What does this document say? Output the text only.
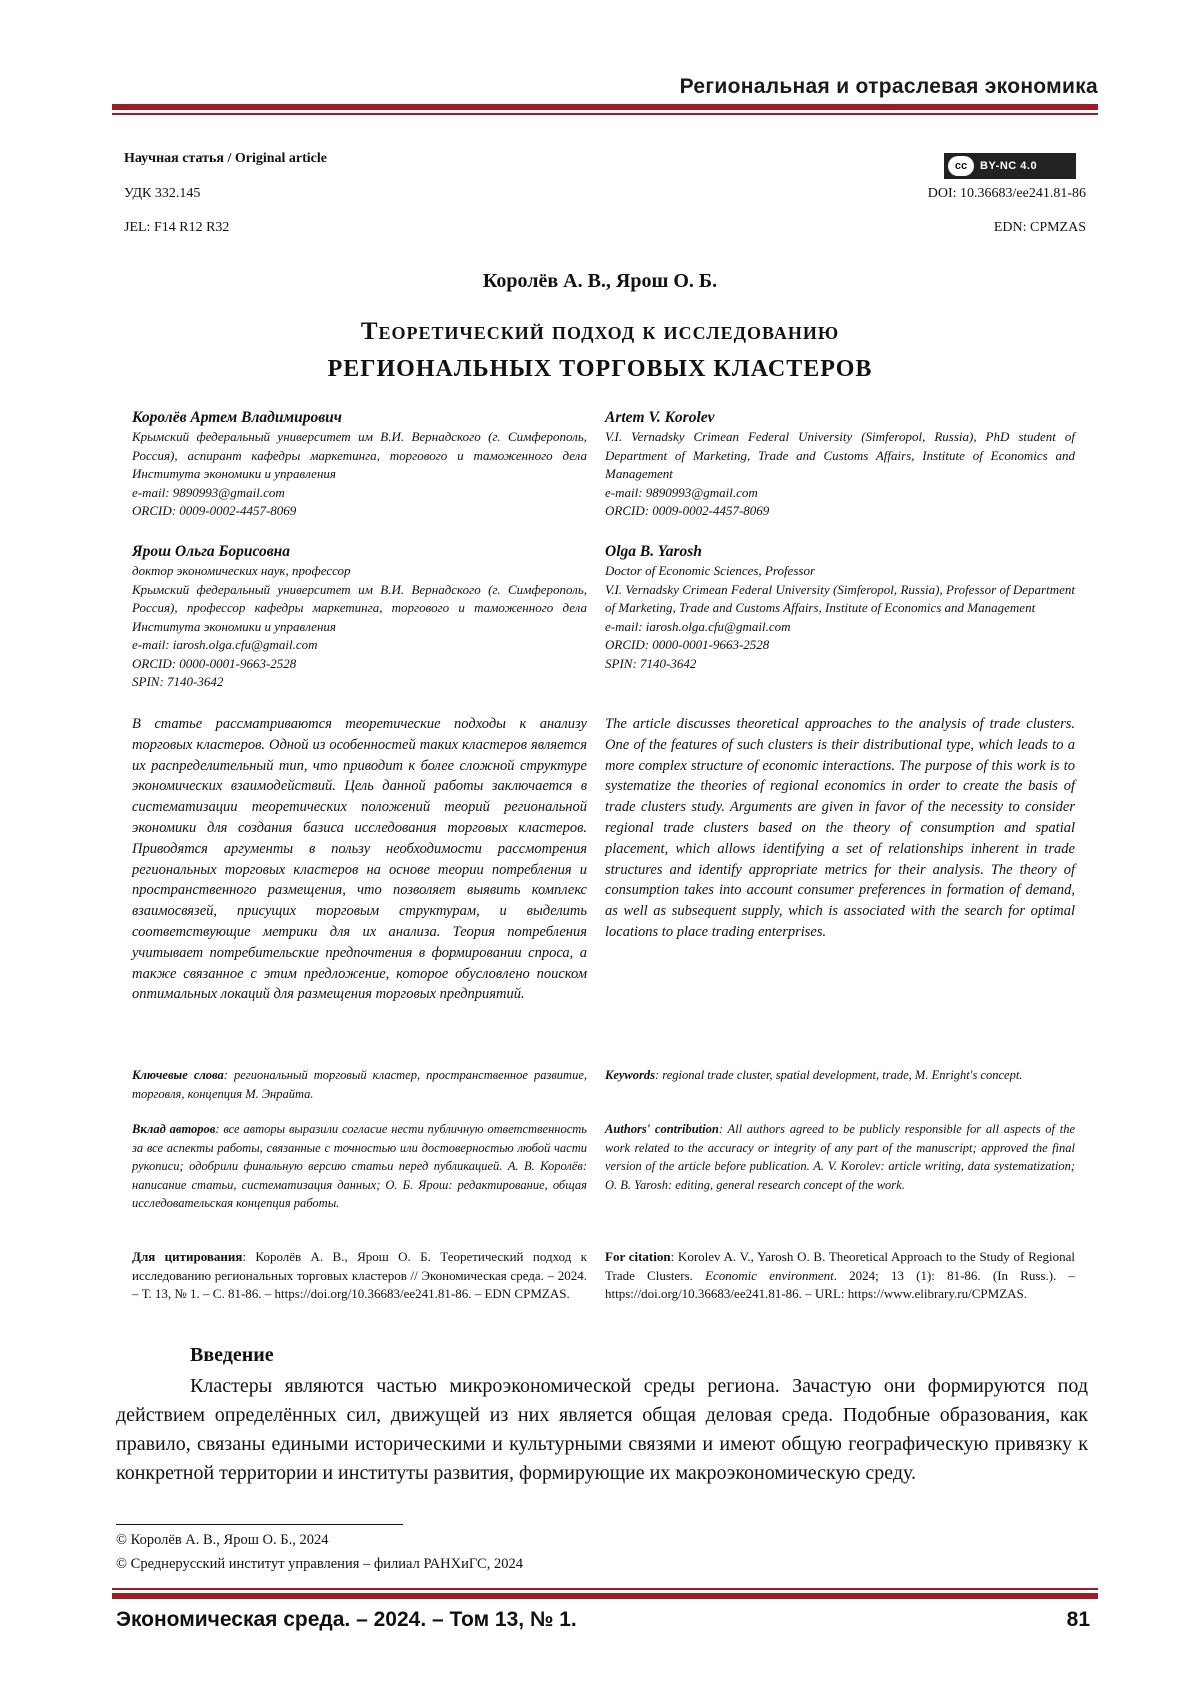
Региональная и отраслевая экономика
Научная статья / Original article	cc	BY-NC 4.0
УДК 332.145	DOI: 10.36683/ee241.81-86
JEL: F14 R12 R32	EDN: CPMZAS
Королёв А. В., Ярош О. Б.
Теоретический подход к исследованию
РЕГИОНАЛЬНЫХ ТОРГОВЫХ КЛАСТЕРОВ

Королёв Артем Владимирович

Крымский федеральный университет им В.И. Вернадского (г. Симферополь, Россия), аспирант кафедры маркетинга, торгового и таможенного дела Института экономики и управления

e-mail: 9890993@gmail.com

ORCID: 0009-0002-4457-8069

Ярош Ольга Борисовна

доктор экономических наук, профессор

Крымский федеральный университет им В.И. Вернадского (г. Симферополь, Россия), профессор кафедры маркетинга, торгового и таможенного дела Института экономики и управления

e-mail: iarosh.olga.cfu@gmail.com

ORCID: 0000-0001-9663-2528

SPIN: 7140-3642

Artem V. Korolev

V.I. Vernadsky Crimean Federal University (Simferopol, Russia), PhD student of Department of Marketing, Trade and Customs Affairs, Institute of Economics and Management

e-mail: 9890993@gmail.com

ORCID: 0009-0002-4457-8069

Olga B. Yarosh

Doctor of Economic Sciences, Professor

V.I. Vernadsky Crimean Federal University (Simferopol, Russia), Professor of Department of Marketing, Trade and Customs Affairs, Institute of Economics and Management

e-mail: iarosh.olga.cfu@gmail.com

ORCID: 0000-0001-9663-2528

SPIN: 7140-3642

В статье рассматриваются теоретические подходы к анализу торговых кластеров. Одной из особенностей таких кластеров является их распределительный тип, что приводит к более сложной структуре экономических взаимодействий. Цель данной работы заключается в систематизации теоретических положений теорий региональной экономики для создания базиса исследования торговых кластеров. Приводятся аргументы в пользу необходимости рассмотрения региональных торговых кластеров на основе теории потребления и пространственного размещения, что позволяет выявить комплекс взаимосвязей, присущих торговым структурам, и выделить соответствующие метрики для их анализа. Теория потребления учитывает потребительские предпочтения в формировании спроса, а также связанное с этим предложение, которое обусловлено поиском оптимальных локаций для размещения торговых предприятий.
The article discusses theoretical approaches to the analysis of trade clusters. One of the features of such clusters is their distributional type, which leads to a more complex structure of economic interactions. The purpose of this work is to systematize the theories of regional economics in order to create the basis of trade clusters study. Arguments are given in favor of the necessity to consider regional trade clusters based on the theory of consumption and spatial placement, which allows identifying a set of relationships inherent in trade structures and identify appropriate metrics for their analysis. The theory of consumption takes into account consumer preferences in formation of demand, as well as subsequent supply, which is associated with the search for optimal locations to place trading enterprises.
Ключевые слова: региональный торговый кластер, пространственное развитие, торговля, концепция М. Энрайта.
Keywords: regional trade cluster, spatial development, trade, M. Enright's concept.
Вклад авторов: все авторы выразили согласие нести публичную ответственность за все аспекты работы, связанные с точностью или достоверностью любой части рукописи; одобрили финальную версию статьи перед публикацией. А. В. Королёв: написание статьи, систематизация данных; О. Б. Ярош: редактирование, общая исследовательская концепция работы.
Authors' contribution: All authors agreed to be publicly responsible for all aspects of the work related to the accuracy or integrity of any part of the manuscript; approved the final version of the article before publication. A. V. Korolev: article writing, data systematization; O. B. Yarosh: editing, general research concept of the work.
Для цитирования: Королёв А. В., Ярош О. Б. Теоретический подход к исследованию региональных торговых кластеров // Экономическая среда. – 2024. – Т. 13, № 1. – С. 81-86. – https://doi.org/10.36683/ee241.81-86. – EDN CPMZAS.
For citation: Korolev A. V., Yarosh O. B. Theoretical Approach to the Study of Regional Trade Clusters. Economic environment. 2024; 13 (1): 81-86. (In Russ.). – https://doi.org/10.36683/ee241.81-86. – URL: https://www.elibrary.ru/CPMZAS.
Введение
Кластеры являются частью микроэкономической среды региона. Зачастую они формируются под действием определённых сил, движущей из них является общая деловая среда. Подобные образования, как правило, связаны едиными историческими и культурными связями и имеют общую географическую привязку к конкретной территории и институты развития, формирующие их макроэкономическую среду.
© Королёв А. В., Ярош О. Б., 2024
© Среднерусский институт управления – филиал РАНХиГС, 2024
Экономическая среда. – 2024. – Том 13, № 1.	81
